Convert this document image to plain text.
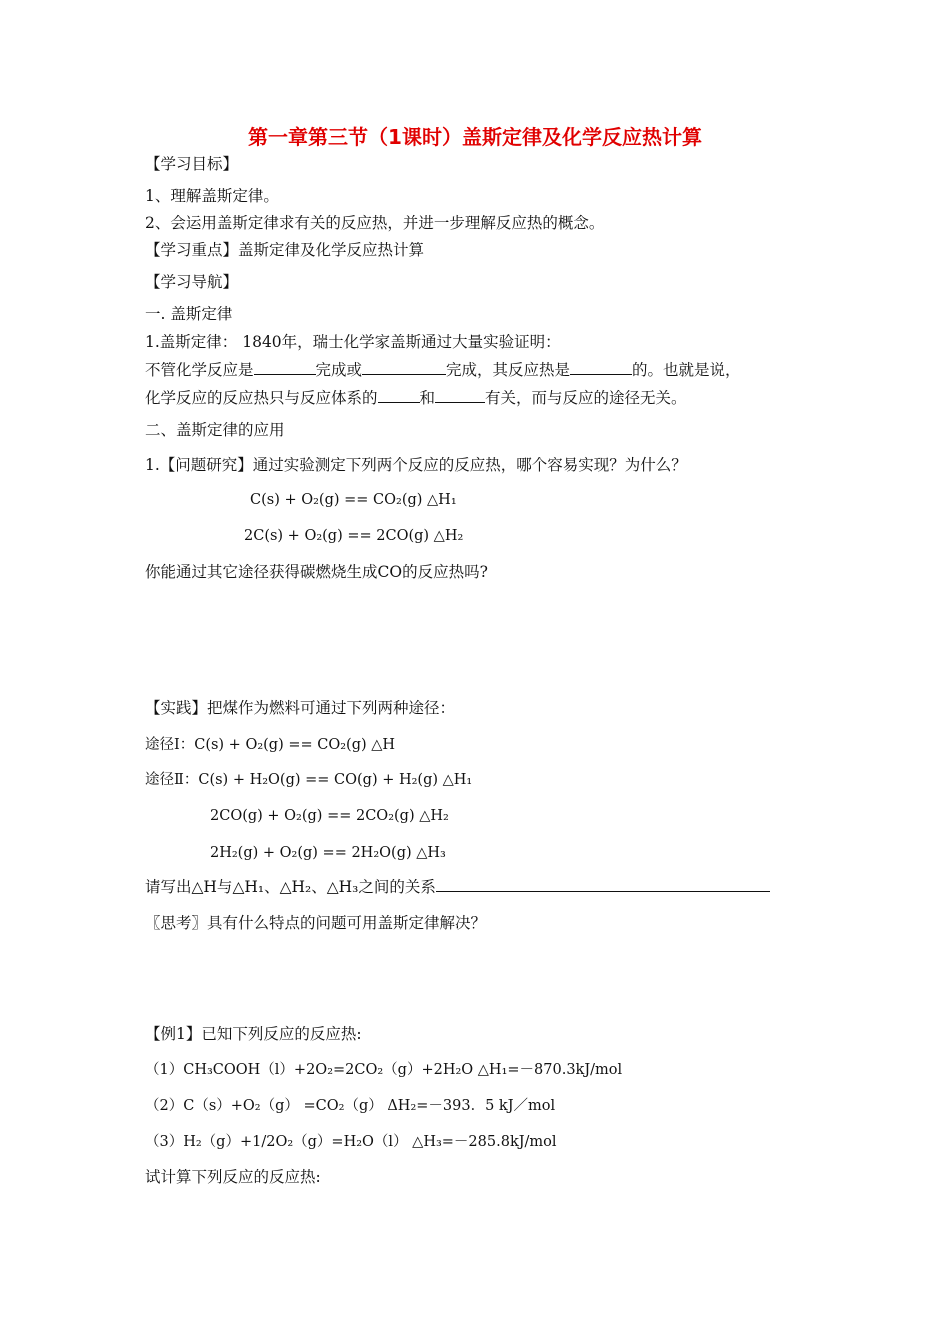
第一章第三节（1课时）盖斯定律及化学反应热计算
【学习目标】
1、理解盖斯定律。
2、会运用盖斯定律求有关的反应热，并进一步理解反应热的概念。
【学习重点】盖斯定律及化学反应热计算
【学习导航】
一. 盖斯定律
1.盖斯定律： 1840年，瑞士化学家盖斯通过大量实验证明：
不管化学反应是	完成或	完成，其反应热是	的。也就是说，
化学反应的反应热只与反应体系的	和	有关，而与反应的途径无关。
二、盖斯定律的应用
1.【问题研究】通过实验测定下列两个反应的反应热，哪个容易实现？为什么？
C(s) + O₂(g) == CO₂(g) △H₁
2C(s) + O₂(g) == 2CO(g) △H₂
你能通过其它途径获得碳燃烧生成CO的反应热吗?
【实践】把煤作为燃料可通过下列两种途径：
途径Ⅰ：C(s) + O₂(g) == CO₂(g) △H
途径Ⅱ：C(s) + H₂O(g) == CO(g) + H₂(g) △H₁
2CO(g) + O₂(g) == 2CO₂(g) △H₂
2H₂(g) + O₂(g) == 2H₂O(g) △H₃
请写出△H与△H₁、△H₂、△H₃之间的关系
〖思考〗具有什么特点的问题可用盖斯定律解决？
【例1】已知下列反应的反应热:
（1）CH₃COOH（l）+2O₂=2CO₂（g）+2H₂O △H₁=－870.3kJ/mol
（2）C（s）+O₂（g） =CO₂（g） ΔH₂=－393．5 kJ／mol
（3）H₂（g）+1/2O₂（g）=H₂O（l） △H₃=－285.8kJ/mol
试计算下列反应的反应热:
